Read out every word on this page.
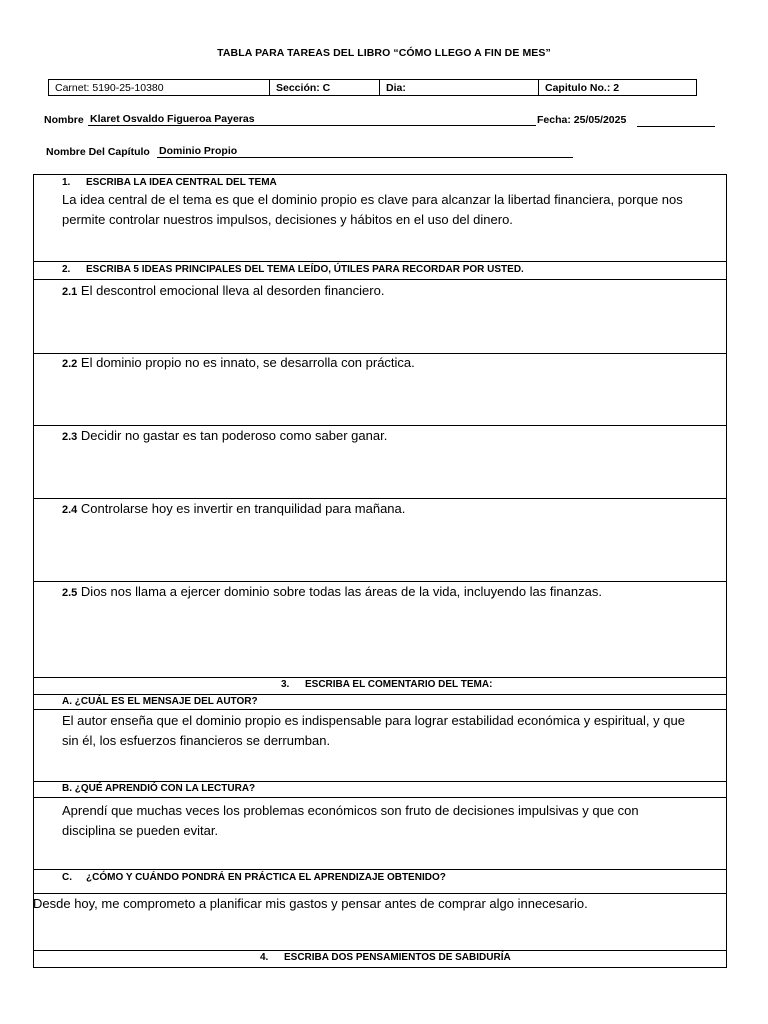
TABLA PARA TAREAS DEL LIBRO “CÓMO LLEGO A FIN DE MES”
Carnet: 5190-25-10380	Sección: C	Dia:	Capitulo No.: 2
Nombre Klaret Osvaldo Figueroa Payeras	Fecha: 25/05/2025
Nombre Del Capítulo Dominio Propio
1. ESCRIBA LA IDEA CENTRAL DEL TEMA
La idea central de el tema es que el dominio propio es clave para alcanzar la libertad financiera, porque nos
permite controlar nuestros impulsos, decisiones y hábitos en el uso del dinero.
2. ESCRIBA 5 IDEAS PRINCIPALES DEL TEMA LEÍDO, ÚTILES PARA RECORDAR POR USTED.
2.1 El descontrol emocional lleva al desorden financiero.
2.2 El dominio propio no es innato, se desarrolla con práctica.
2.3 Decidir no gastar es tan poderoso como saber ganar.
2.4 Controlarse hoy es invertir en tranquilidad para mañana.
2.5 Dios nos llama a ejercer dominio sobre todas las áreas de la vida, incluyendo las finanzas.
3. ESCRIBA EL COMENTARIO DEL TEMA:
A. ¿CUÁL ES EL MENSAJE DEL AUTOR?
El autor enseña que el dominio propio es indispensable para lograr estabilidad económica y espiritual, y que
sin él, los esfuerzos financieros se derrumban.
B. ¿QUÉ APRENDIÓ CON LA LECTURA?
Aprendí que muchas veces los problemas económicos son fruto de decisiones impulsivas y que con
disciplina se pueden evitar.
C. ¿CÓMO Y CUÁNDO PONDRÁ EN PRÁCTICA EL APRENDIZAJE OBTENIDO?
Desde hoy, me comprometo a planificar mis gastos y pensar antes de comprar algo innecesario.
4. ESCRIBA DOS PENSAMIENTOS DE SABIDURÍA
